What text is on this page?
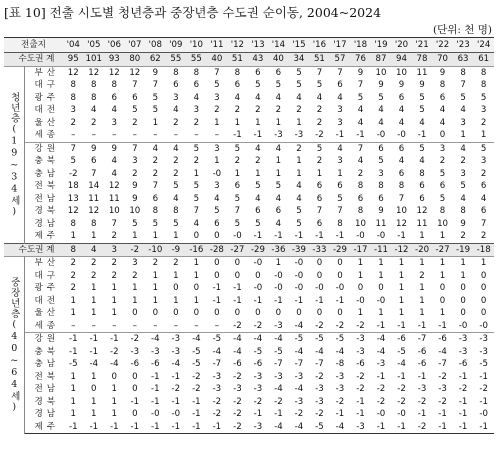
[표 10] 전출 시도별 청년층과 중장년층 수도권 순이동, 2004~2024
(단위: 천 명)
전출지		'04	'05	'06	'07	'08	'09	'10	'11	'12	'13	'14	'15	'16	'17	'18	'19	'20	'21	'22	'23	'24
수도권 계		95	101	93	80	62	55	55	40	51	43	40	34	51	57	76	87	94	78	70	63	61
청년층(19~34세)	부산	12	12	12	12	9	8	8	7	8	6	6	5	7	7	9	10	10	11	9	8	8
	대구	8	8	8	7	7	6	6	5	6	5	5	5	5	6	7	9	9	9	8	7	8
	광주	8	8	6	6	5	3	4	3	4	4	4	4	4	4	5	5	6	5	6	5	5
	대전	3	4	4	5	5	4	3	2	2	2	2	2	2	3	4	4	4	5	4	4	3
	울산	2	2	3	2	1	2	2	1	1	1	1	1	2	3	4	4	4	4	4	3	2
	세종	–	–	–	–	–	–	–	–	-1	-1	-3	-3	-2	-1	-1	-0	-0	-1	0	1	1
	강원	7	9	9	7	4	4	5	3	5	4	4	2	5	4	7	6	6	5	3	4	5
	충북	5	6	4	3	2	2	2	1	2	2	1	1	2	3	4	5	4	4	2	2	3
	충남	-2	7	4	2	2	2	1	-0	1	1	1	1	1	1	2	3	6	8	5	3	2
	전북	18	14	12	9	7	5	5	3	6	5	5	4	6	6	8	8	8	6	6	5	6
	전남	13	11	11	9	6	4	5	4	5	4	4	4	6	5	6	6	7	6	5	4	4
	경북	12	12	10	10	8	8	7	5	7	6	6	5	7	7	8	9	10	12	8	8	6
	경남	8	8	7	5	5	5	4	6	5	5	4	5	6	8	10	11	12	11	10	9	7
	제주	1	1	2	1	1	1	0	0	-0	-1	-1	-1	-1	-1	-0	-0	-1	1	1	2	2
수도권 계		8	4	3	-2	-10	-9	-16	-28	-27	-29	-36	-39	-33	-29	-17	-11	-12	-20	-27	-19	-18
중장년층(40~64세)	부산	2	2	2	3	2	2	1	0	0	-0	1	-0	0	0	1	1	1	1	1	1	1
	대구	2	2	2	2	1	1	1	0	0	0	-0	-0	0	0	1	1	1	2	1	1	0
	광주	2	1	1	1	1	0	0	-1	-1	-0	-0	-0	-0	-0	0	0	1	1	0	0	0
	대전	1	1	1	1	1	1	1	-1	-1	-1	-1	-1	-1	-1	-0	-0	1	1	0	0	0
	울산	1	1	1	0	0	0	0	0	0	0	0	0	0	0	1	1	1	1	1	0	0
	세종	–	–	–	–	–	–	–	–	-2	-2	-3	-4	-2	-2	-2	-1	-1	-1	-1	-0	-0
	강원	-1	-1	-1	-2	-4	-3	-4	-5	-4	-4	-4	-5	-5	-5	-3	-4	-6	-7	-6	-3	-3
	충북	-1	-1	-2	-3	-3	-3	-5	-4	-4	-5	-5	-4	-4	-4	-3	-4	-5	-6	-4	-3	-3
	충남	-5	-4	-4	-6	-6	-4	-5	-7	-6	-6	-7	-7	-7	-8	-6	-3	-4	-6	-7	-6	-5
	전북	1	1	0	0	-1	-1	-2	-3	-2	-3	-3	-3	-2	-3	-2	-1	-1	-1	-2	-1	-1
	전남	1	0	1	0	-1	-2	-2	-3	-3	-3	-4	-4	-3	-3	-2	-2	-2	-3	-3	-2	-2
	경북	1	1	1	-1	-1	-1	-1	-2	-2	-2	-2	-3	-3	-2	-1	-2	-2	-2	-2	-1	-1
	경남	1	1	1	0	-0	-0	-1	-2	-2	-1	-1	-2	-2	-1	-1	-0	-0	-1	-1	-1	-0
	제주	-1	-1	-1	-1	-1	-1	-1	-1	-2	-3	-4	-4	-5	-4	-3	-1	-1	-2	-1	-1	-1
